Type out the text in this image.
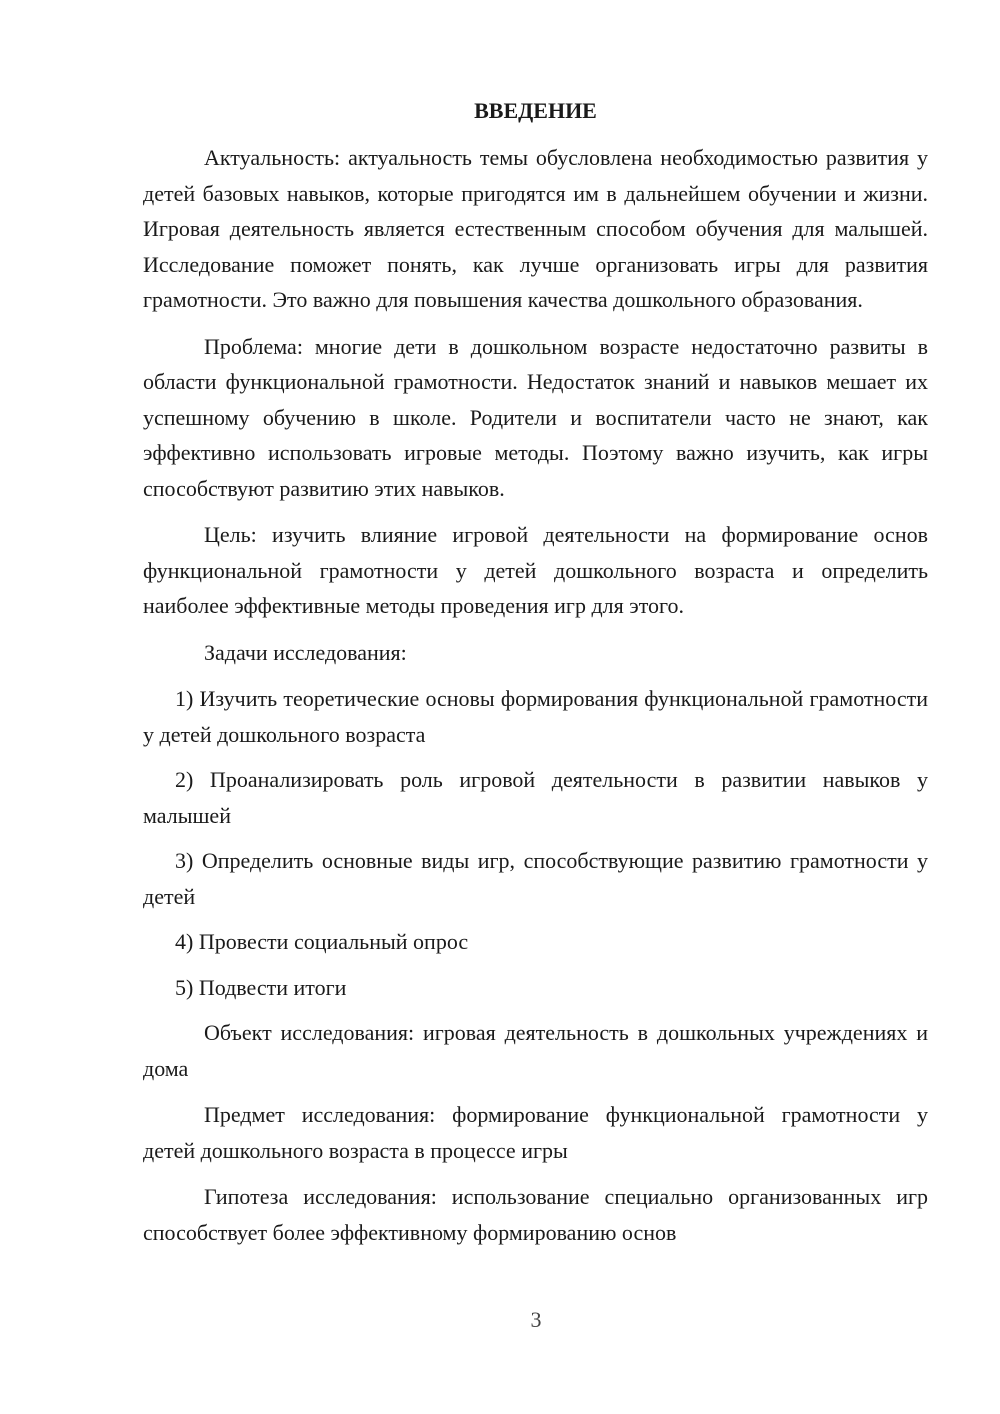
ВВЕДЕНИЕ

Актуальность: актуальность темы обусловлена необходимостью развития у детей базовых навыков, которые пригодятся им в дальнейшем обучении и жизни. Игровая деятельность является естественным способом обучения для малышей. Исследование поможет понять, как лучше организовать игры для развития грамотности. Это важно для повышения качества дошкольного образования.

Проблема: многие дети в дошкольном возрасте недостаточно развиты в области функциональной грамотности. Недостаток знаний и навыков мешает их успешному обучению в школе. Родители и воспитатели часто не знают, как эффективно использовать игровые методы. Поэтому важно изучить, как игры способствуют развитию этих навыков.

Цель: изучить влияние игровой деятельности на формирование основ функциональной грамотности у детей дошкольного возраста и определить наиболее эффективные методы проведения игр для этого.

Задачи исследования:

1) Изучить теоретические основы формирования функциональной грамотности у детей дошкольного возраста

2) Проанализировать роль игровой деятельности в развитии навыков у малышей

3) Определить основные виды игр, способствующие развитию грамотности у детей

4) Провести социальный опрос

5) Подвести итоги

Объект исследования: игровая деятельность в дошкольных учреждениях и дома

Предмет исследования: формирование функциональной грамотности у детей дошкольного возраста в процессе игры

Гипотеза исследования: использование специально организованных игр способствует более эффективному формированию основ

3
